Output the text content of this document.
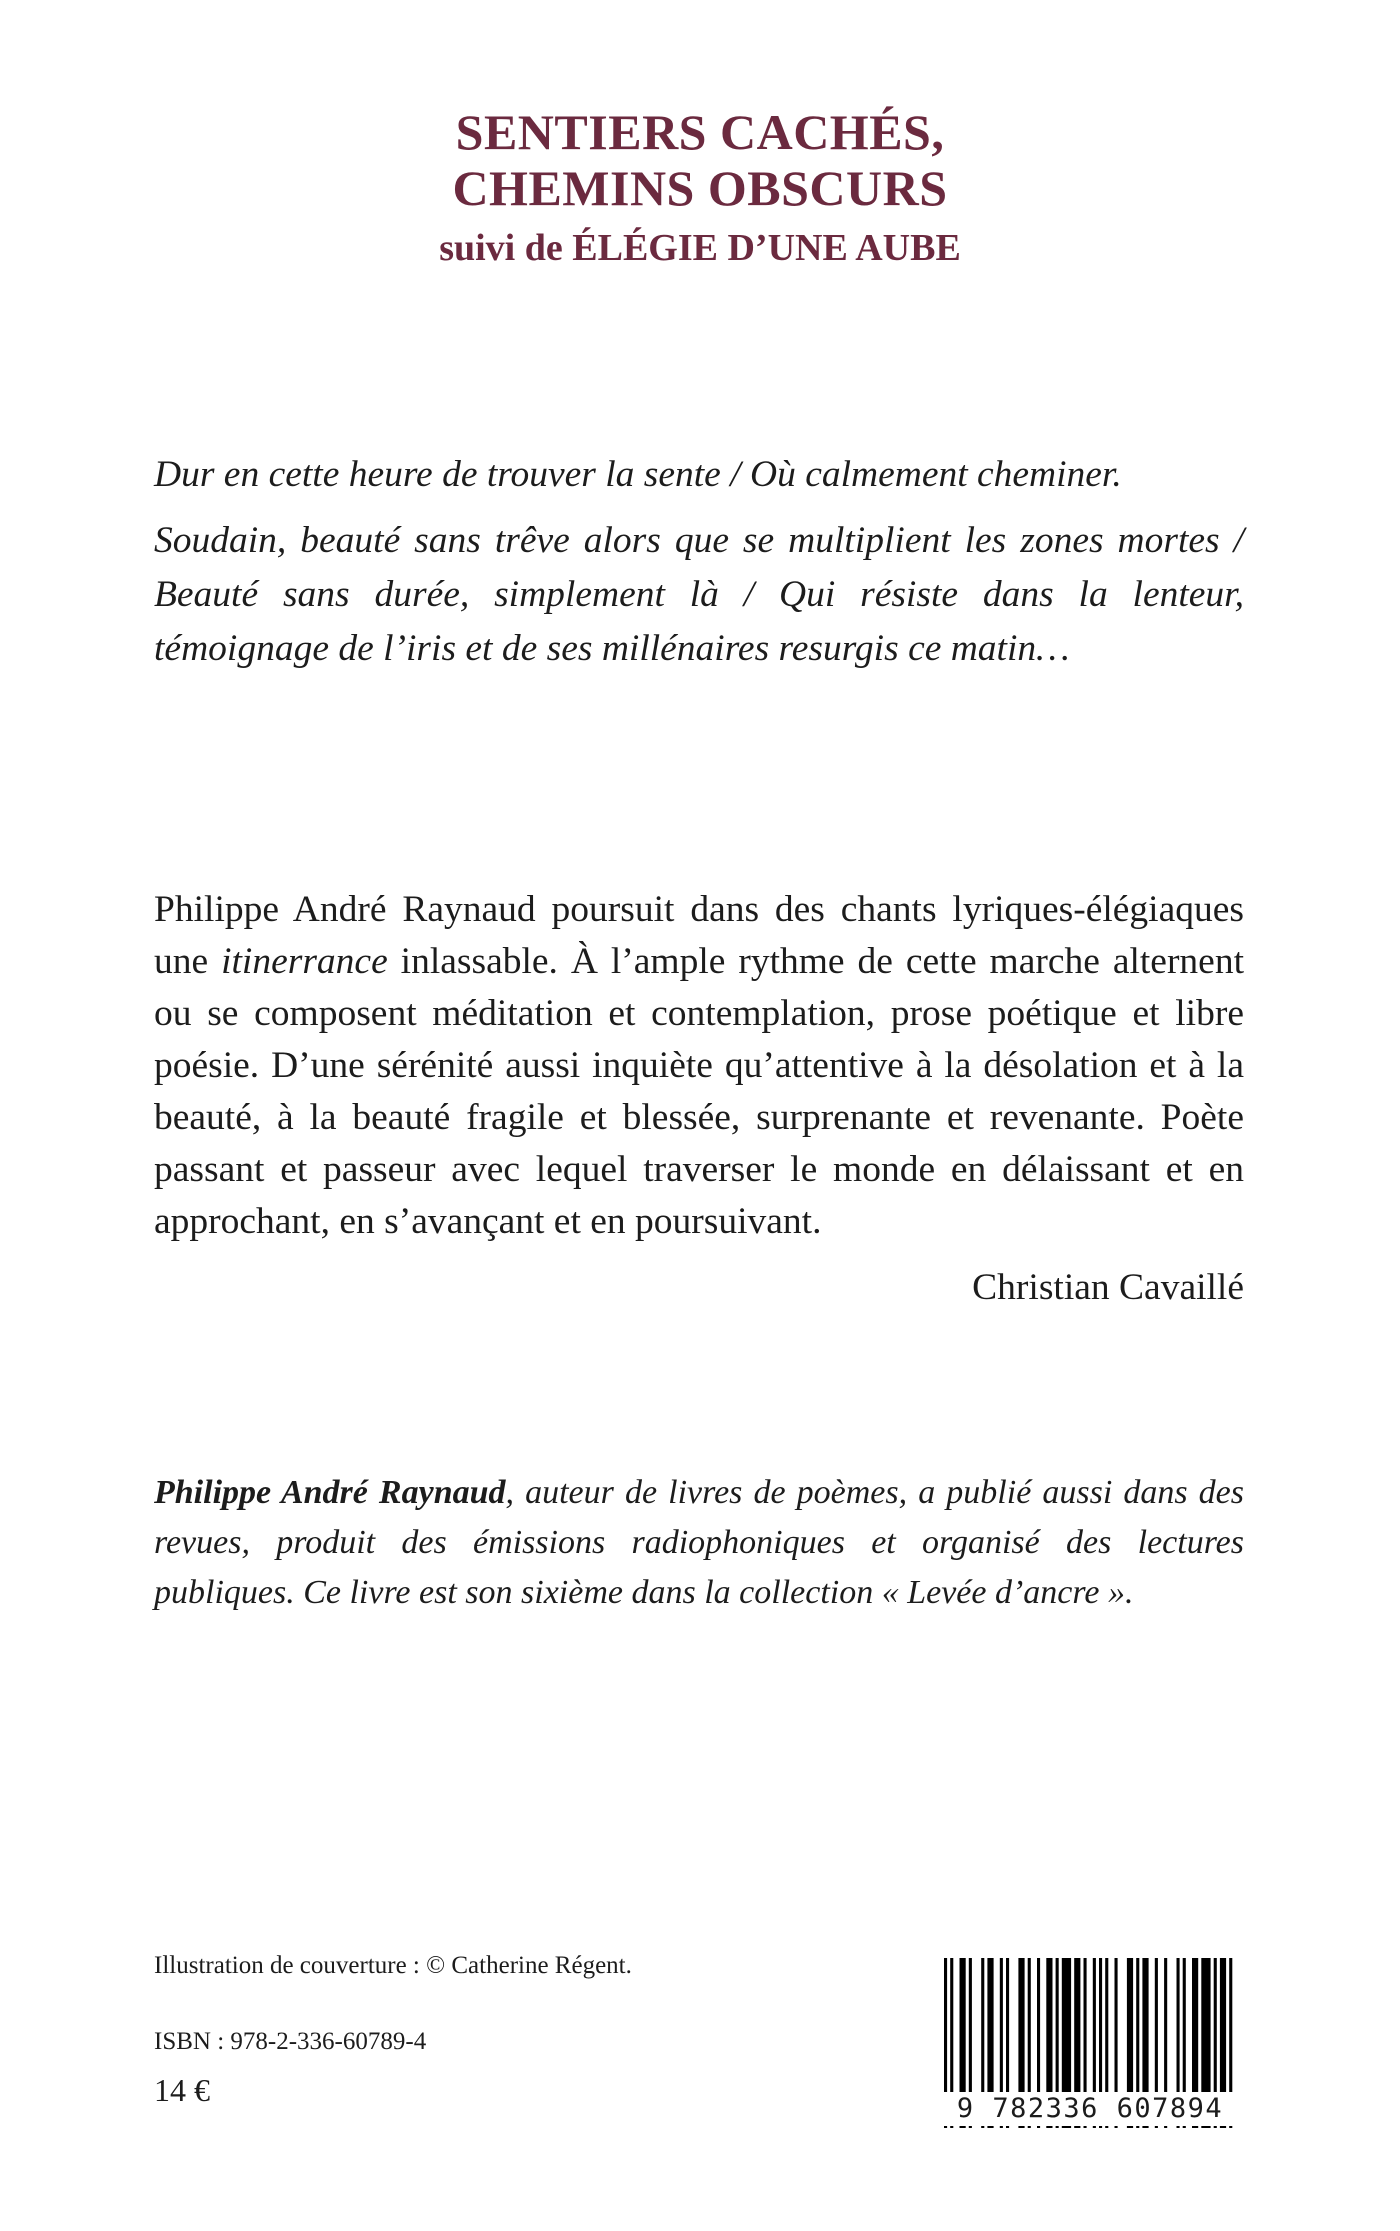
SENTIERS CACHÉS,
CHEMINS OBSCURS
suivi de ÉLÉGIE D’UNE AUBE

Dur en cette heure de trouver la sente / Où calmement cheminer.

Soudain, beauté sans trêve alors que se multiplient les zones mortes / Beauté sans durée, simplement là / Qui résiste dans la lenteur, témoignage de l’iris et de ses millénaires resurgis ce matin…

Philippe André Raynaud poursuit dans des chants lyriques-élégiaques une itinerrance inlassable. À l’ample rythme de cette marche alternent ou se composent méditation et contemplation, prose poétique et libre poésie. D’une sérénité aussi inquiète qu’attentive à la désolation et à la beauté, à la beauté fragile et blessée, surprenante et revenante. Poète passant et passeur avec lequel traverser le monde en délaissant et en approchant, en s’avançant et en poursuivant.

Christian Cavaillé

Philippe André Raynaud, auteur de livres de poèmes, a publié aussi dans des revues, produit des émissions radiophoniques et organisé des lectures publiques. Ce livre est son sixième dans la collection « Levée d’ancre ».

Illustration de couverture : © Catherine Régent.
ISBN : 978-2-336-60789-4
14 €
9 782336 607894
